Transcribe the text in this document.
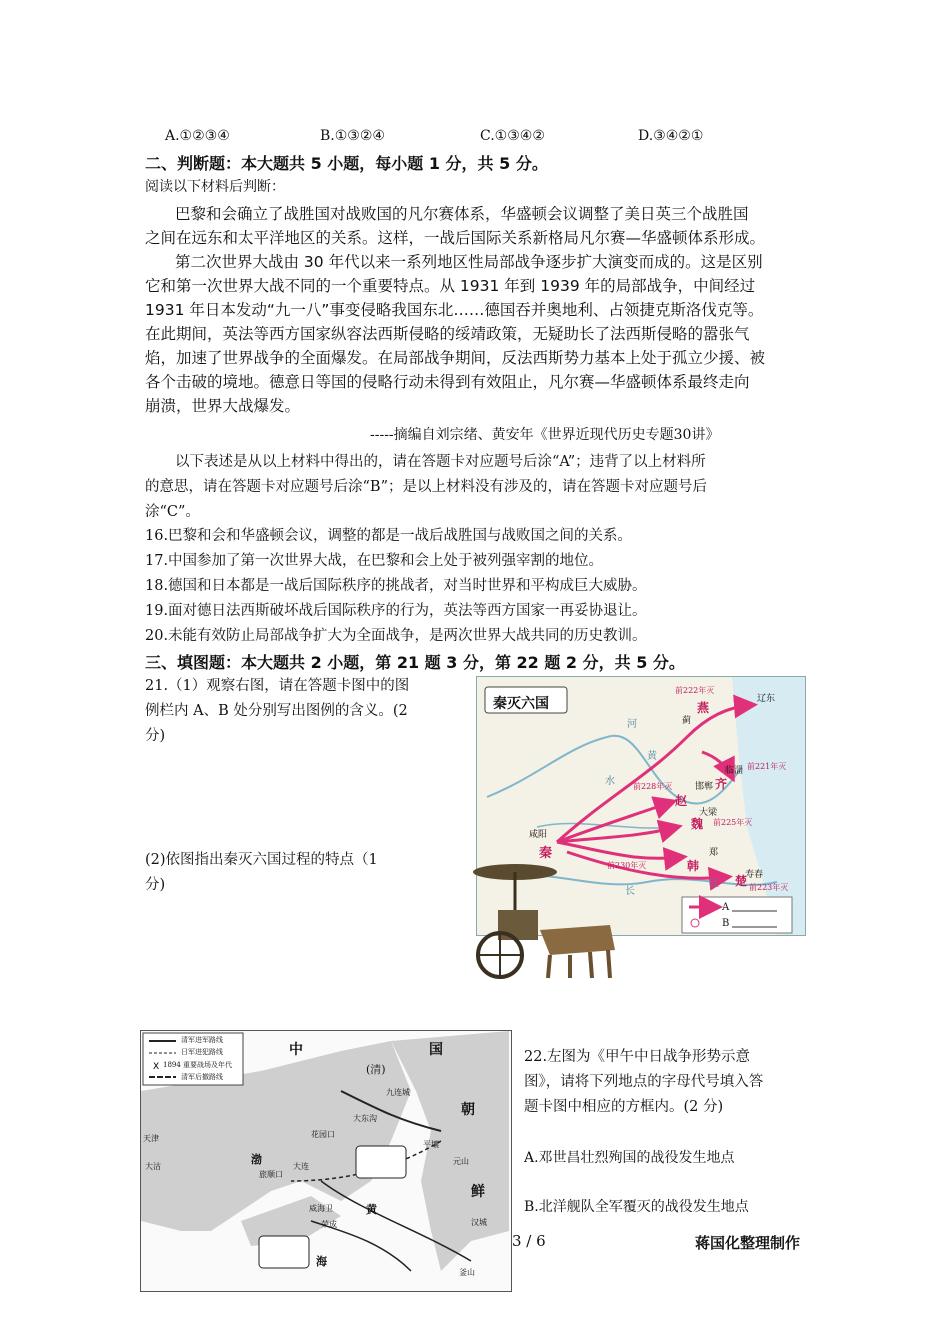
A.①②③④	B.①③②④	C.①③④②	D.③④②①
二、判断题：本大题共 5 小题，每小题 1 分，共 5 分。
阅读以下材料后判断：
巴黎和会确立了战胜国对战败国的凡尔赛体系，华盛顿会议调整了美日英三个战胜国
之间在远东和太平洋地区的关系。这样，一战后国际关系新格局凡尔赛—华盛顿体系形成。
第二次世界大战由 30 年代以来一系列地区性局部战争逐步扩大演变而成的。这是区别
它和第一次世界大战不同的一个重要特点。从 1931 年到 1939 年的局部战争，中间经过
1931 年日本发动“九一八”事变侵略我国东北……德国吞并奥地利、占领捷克斯洛伐克等。
在此期间，英法等西方国家纵容法西斯侵略的绥靖政策，无疑助长了法西斯侵略的嚣张气
焰，加速了世界战争的全面爆发。在局部战争期间，反法西斯势力基本上处于孤立少援、被
各个击破的境地。德意日等国的侵略行动未得到有效阻止，凡尔赛—华盛顿体系最终走向
崩溃，世界大战爆发。
-----摘编自刘宗绪、黄安年《世界近现代历史专题30讲》
以下表述是从以上材料中得出的，请在答题卡对应题号后涂“A”；违背了以上材料所
的意思，请在答题卡对应题号后涂“B”；是以上材料没有涉及的，请在答题卡对应题号后
涂“C”。
16.巴黎和会和华盛顿会议，调整的都是一战后战胜国与战败国之间的关系。
17.中国参加了第一次世界大战，在巴黎和会上处于被列强宰割的地位。
18.德国和日本都是一战后国际秩序的挑战者，对当时世界和平构成巨大威胁。
19.面对德日法西斯破坏战后国际秩序的行为，英法等西方国家一再妥协退让。
20.未能有效防止局部战争扩大为全面战争，是两次世界大战共同的历史教训。
三、填图题：本大题共 2 小题，第 21 题 3 分，第 22 题 2 分，共 5 分。
21.（1）观察右图，请在答题卡图中的图
例栏内 A、B 处分别写出图例的含义。(2
分)
(2)依图指出秦灭六国过程的特点（1
分)
秦灭六国
秦
韩
赵
魏
楚
燕
齐
咸阳
邯郸
大梁
郑
寿春
临淄
蓟
辽东
前230年灭
前228年灭
前225年灭
前223年灭
前222年灭
前221年灭
河
黄
水
长
江
A
B
X
清军进军路线
日军进犯路线
1894 重要战场及年代
清军后撤路线
中	国
(清)
朝
鲜
渤
海
黄
天津
大沽
旅顺口
大连
九连城
大东沟
花园口
平壤
汉城
威海卫
荣成
釜山
元山
22.左图为《甲午中日战争形势示意
图》，请将下列地点的字母代号填入答
题卡图中相应的方框内。(2 分)
A.邓世昌壮烈殉国的战役发生地点
B.北洋舰队全军覆灭的战役发生地点
3 / 6	蒋国化整理制作
